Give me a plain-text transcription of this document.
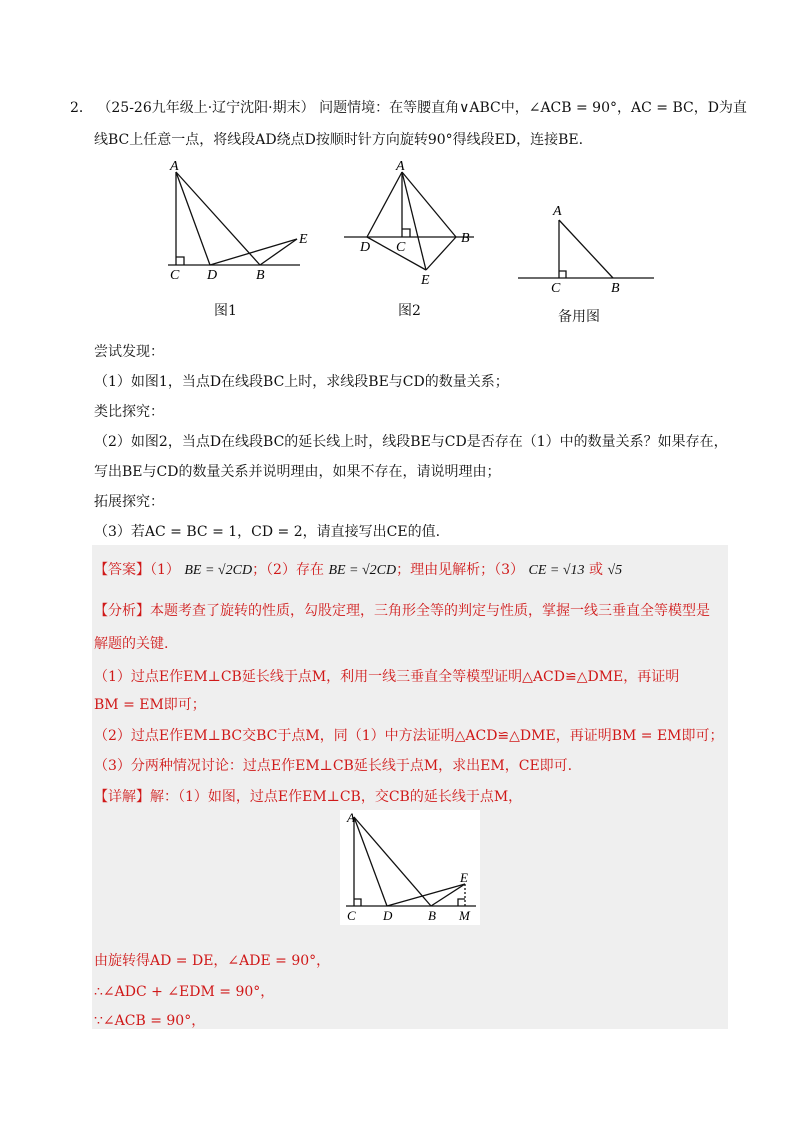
2． （25-26九年级上·辽宁沈阳·期末） 问题情境：在等腰直角∨ABC中，∠ACB = 90°，AC = BC，D为直
线BC上任意一点，将线段AD绕点D按顺时针方向旋转90°得线段ED，连接BE.
A
C D	B
E
A
D C
B
E
A
C	B
图1	图2	备用图
尝试发现：
（1）如图1，当点D在线段BC上时，求线段BE与CD的数量关系；
类比探究：
（2）如图2，当点D在线段BC的延长线上时，线段BE与CD是否存在（1）中的数量关系？如果存在，
写出BE与CD的数量关系并说明理由，如果不存在，请说明理由；
拓展探究：
（3）若AC = BC = 1，CD = 2，请直接写出CE的值.
【答案】（1） BE = √2CD；（2）存在 BE = √2CD；理由见解析；（3） CE = √13 或 √5
【分析】本题考查了旋转的性质，勾股定理，三角形全等的判定与性质，掌握一线三垂直全等模型是
解题的关键.
（1）过点E作EM⊥CB延长线于点M，利用一线三垂直全等模型证明△ACD≌△DME，再证明
BM = EM即可；
（2）过点E作EM⊥BC交BC于点M，同（1）中方法证明△ACD≌△DME，再证明BM = EM即可；
（3）分两种情况讨论：过点E作EM⊥CB延长线于点M，求出EM，CE即可.
【详解】解：（1）如图，过点E作EM⊥CB，交CB的延长线于点M，
A
C D	B
E
M
由旋转得AD = DE，∠ADE = 90°，
∴∠ADC + ∠EDM = 90°，
∵∠ACB = 90°，
